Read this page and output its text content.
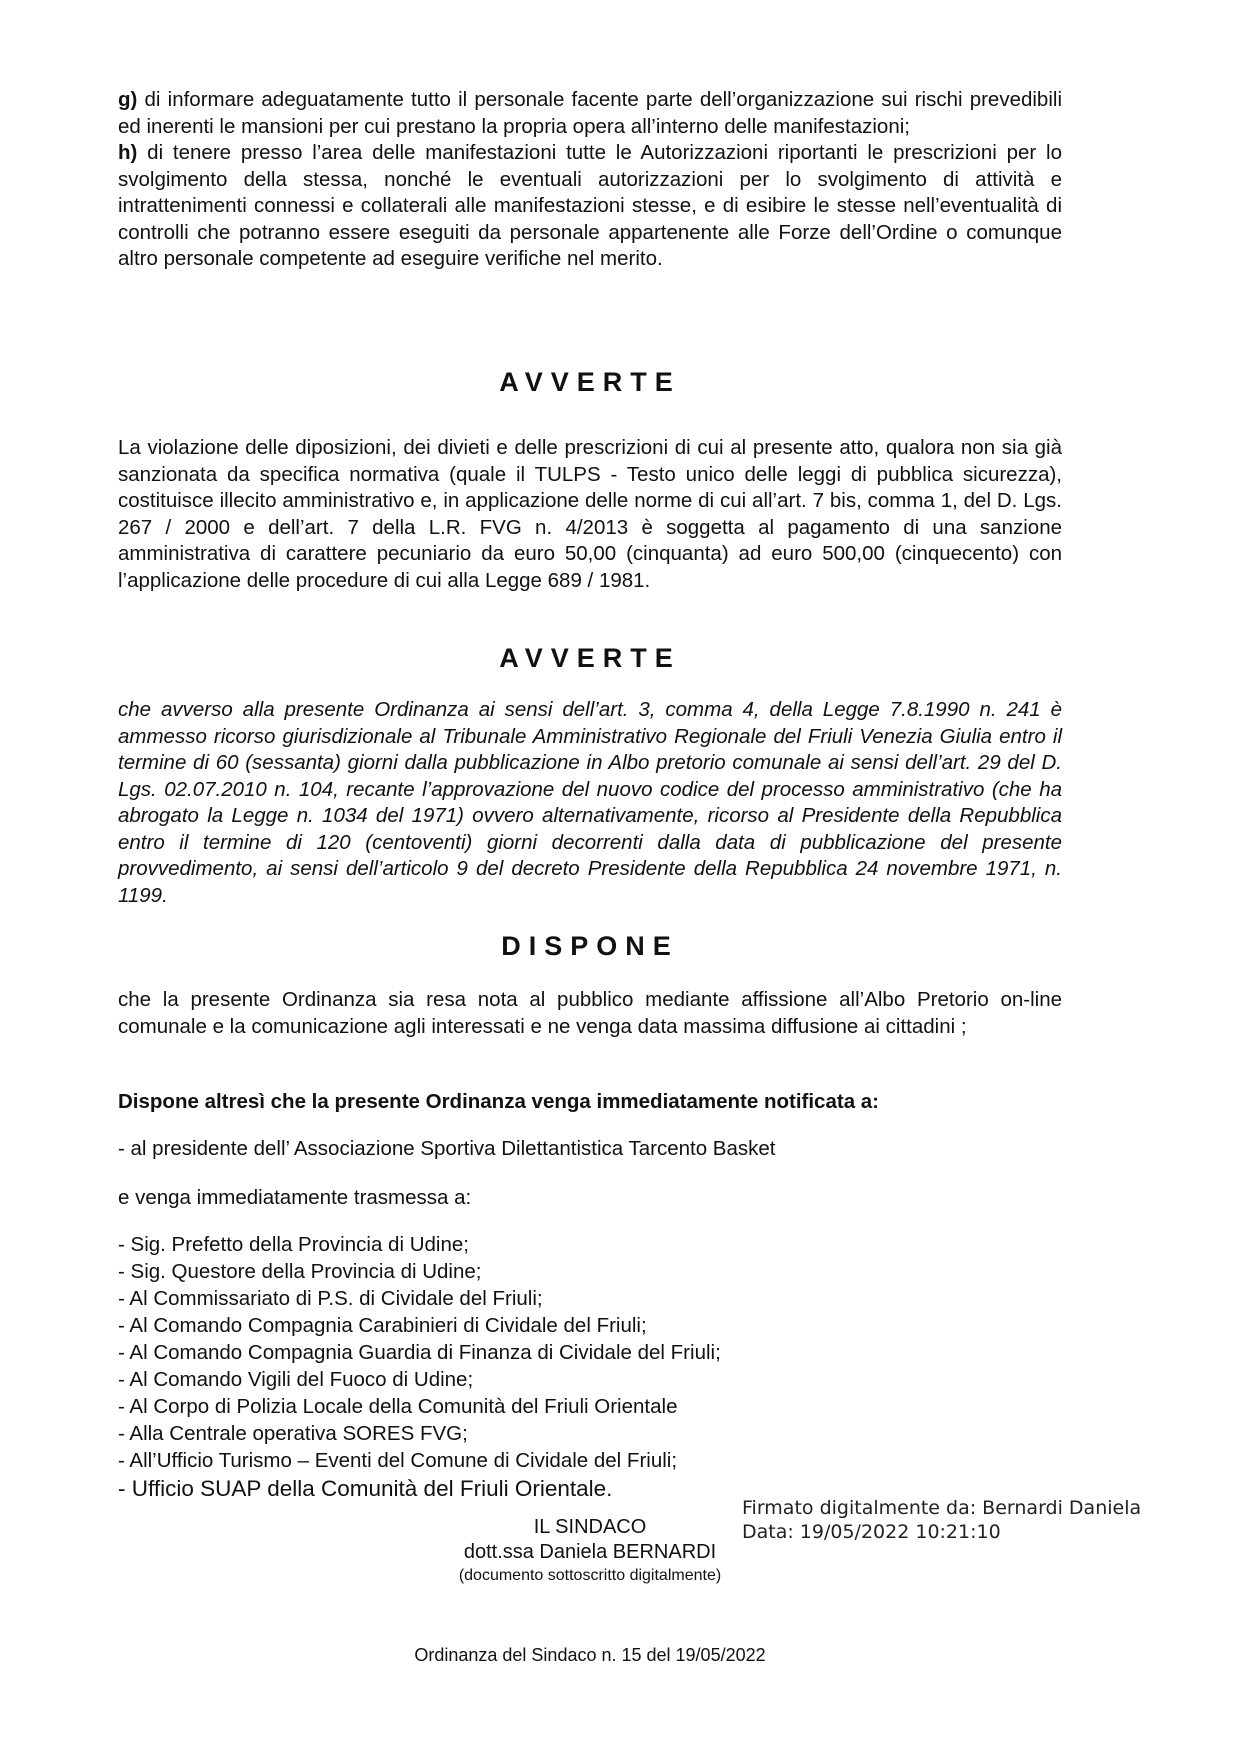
g) di informare adeguatamente tutto il personale facente parte dell’organizzazione sui rischi prevedibili ed inerenti le mansioni per cui prestano la propria opera all’interno delle manifestazioni;

h) di tenere presso l’area delle manifestazioni tutte le Autorizzazioni riportanti le prescrizioni per lo svolgimento della stessa, nonché le eventuali autorizzazioni per lo svolgimento di attività e intrattenimenti connessi e collaterali alle manifestazioni stesse, e di esibire le stesse nell’eventualità di controlli che potranno essere eseguiti da personale appartenente alle Forze dell’Ordine o comunque altro personale competente ad eseguire verifiche nel merito.

AVVERTE

La violazione delle diposizioni, dei divieti e delle prescrizioni di cui al presente atto, qualora non sia già sanzionata da specifica normativa (quale il TULPS - Testo unico delle leggi di pubblica sicurezza), costituisce illecito amministrativo e, in applicazione delle norme di cui all’art. 7 bis, comma 1, del D. Lgs. 267 / 2000 e dell’art. 7 della L.R. FVG n. 4/2013 è soggetta al pagamento di una sanzione amministrativa di carattere pecuniario da euro 50,00 (cinquanta) ad euro 500,00 (cinquecento) con l’applicazione delle procedure di cui alla Legge 689 / 1981.

AVVERTE

che avverso alla presente Ordinanza ai sensi dell’art. 3, comma 4, della Legge 7.8.1990 n. 241 è ammesso ricorso giurisdizionale al Tribunale Amministrativo Regionale del Friuli Venezia Giulia entro il termine di 60 (sessanta) giorni dalla pubblicazione in Albo pretorio comunale ai sensi dell’art. 29 del D. Lgs. 02.07.2010 n. 104, recante l’approvazione del nuovo codice del processo amministrativo (che ha abrogato la Legge n. 1034 del 1971) ovvero alternativamente, ricorso al Presidente della Repubblica entro il termine di 120 (centoventi) giorni decorrenti dalla data di pubblicazione del presente provvedimento, ai sensi dell’articolo 9 del decreto Presidente della Repubblica 24 novembre 1971, n. 1199.

DISPONE

che la presente Ordinanza sia resa nota al pubblico mediante affissione all’Albo Pretorio on-line comunale e la comunicazione agli interessati e ne venga data massima diffusione ai cittadini ;

Dispone altresì che la presente Ordinanza venga immediatamente notificata a:
- al presidente dell’ Associazione Sportiva Dilettantistica Tarcento Basket
e venga immediatamente trasmessa a:
- Sig. Prefetto della Provincia di Udine;
- Sig. Questore della Provincia di Udine;
- Al Commissariato di P.S. di Cividale del Friuli;
- Al Comando Compagnia Carabinieri di Cividale del Friuli;
- Al Comando Compagnia Guardia di Finanza di Cividale del Friuli;
- Al Comando Vigili del Fuoco di Udine;
- Al Corpo di Polizia Locale della Comunità del Friuli Orientale
- Alla Centrale operativa SORES FVG;
- All’Ufficio Turismo – Eventi del Comune di Cividale del Friuli;
- Ufficio SUAP della Comunità del Friuli Orientale.
Firmato digitalmente da: Bernardi Daniela
Data: 19/05/2022 10:21:10
IL SINDACO
dott.ssa Daniela BERNARDI
(documento sottoscritto digitalmente)
Ordinanza del Sindaco n. 15 del 19/05/2022
